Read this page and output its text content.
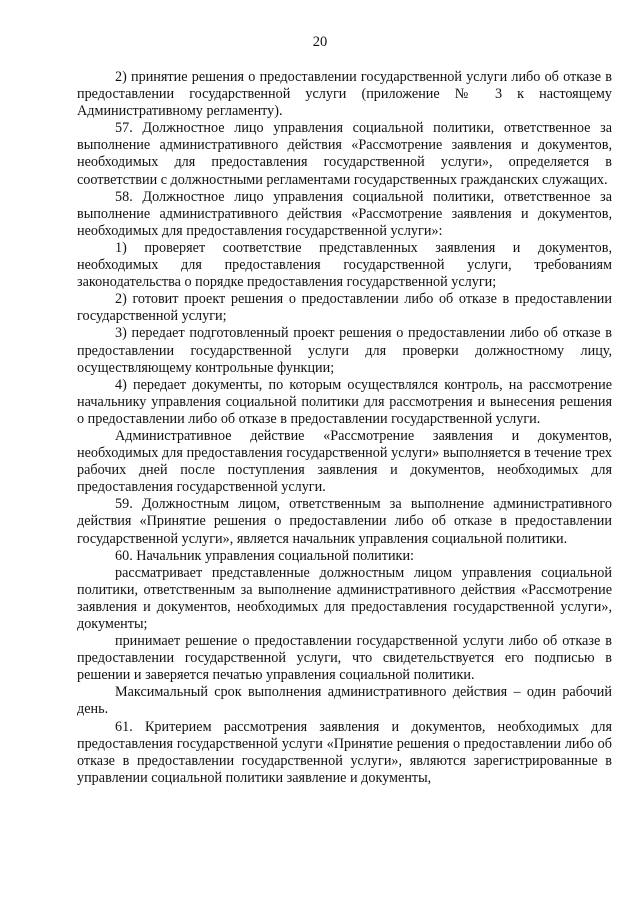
20

2) принятие решения о предоставлении государственной услуги либо об отказе в предоставлении государственной услуги (приложение № 3 к настоящему Административному регламенту).

57. Должностное лицо управления социальной политики, ответственное за выполнение административного действия «Рассмотрение заявления и документов, необходимых для предоставления государственной услуги», определяется в соответствии с должностными регламентами государственных гражданских служащих.

58. Должностное лицо управления социальной политики, ответственное за выполнение административного действия «Рассмотрение заявления и документов, необходимых для предоставления государственной услуги»:

1) проверяет соответствие представленных заявления и документов, необходимых для предоставления государственной услуги, требованиям законодательства о порядке предоставления государственной услуги;

2) готовит проект решения о предоставлении либо об отказе в предоставлении государственной услуги;

3) передает подготовленный проект решения о предоставлении либо об отказе в предоставлении государственной услуги для проверки должностному лицу, осуществляющему контрольные функции;

4) передает документы, по которым осуществлялся контроль, на рассмотрение начальнику управления социальной политики для рассмотрения и вынесения решения о предоставлении либо об отказе в предоставлении государственной услуги.

Административное действие «Рассмотрение заявления и документов, необходимых для предоставления государственной услуги» выполняется в течение трех рабочих дней после поступления заявления и документов, необходимых для предоставления государственной услуги.

59. Должностным лицом, ответственным за выполнение административного действия «Принятие решения о предоставлении либо об отказе в предоставлении государственной услуги», является начальник управления социальной политики.

60. Начальник управления социальной политики:

рассматривает представленные должностным лицом управления социальной политики, ответственным за выполнение административного действия «Рассмотрение заявления и документов, необходимых для предоставления государственной услуги», документы;

принимает решение о предоставлении государственной услуги либо об отказе в предоставлении государственной услуги, что свидетельствуется его подписью в решении и заверяется печатью управления социальной политики.

Максимальный срок выполнения административного действия – один рабочий день.

61. Критерием рассмотрения заявления и документов, необходимых для предоставления государственной услуги «Принятие решения о предоставлении либо об отказе в предоставлении государственной услуги», являются зарегистрированные в управлении социальной политики заявление и документы,
